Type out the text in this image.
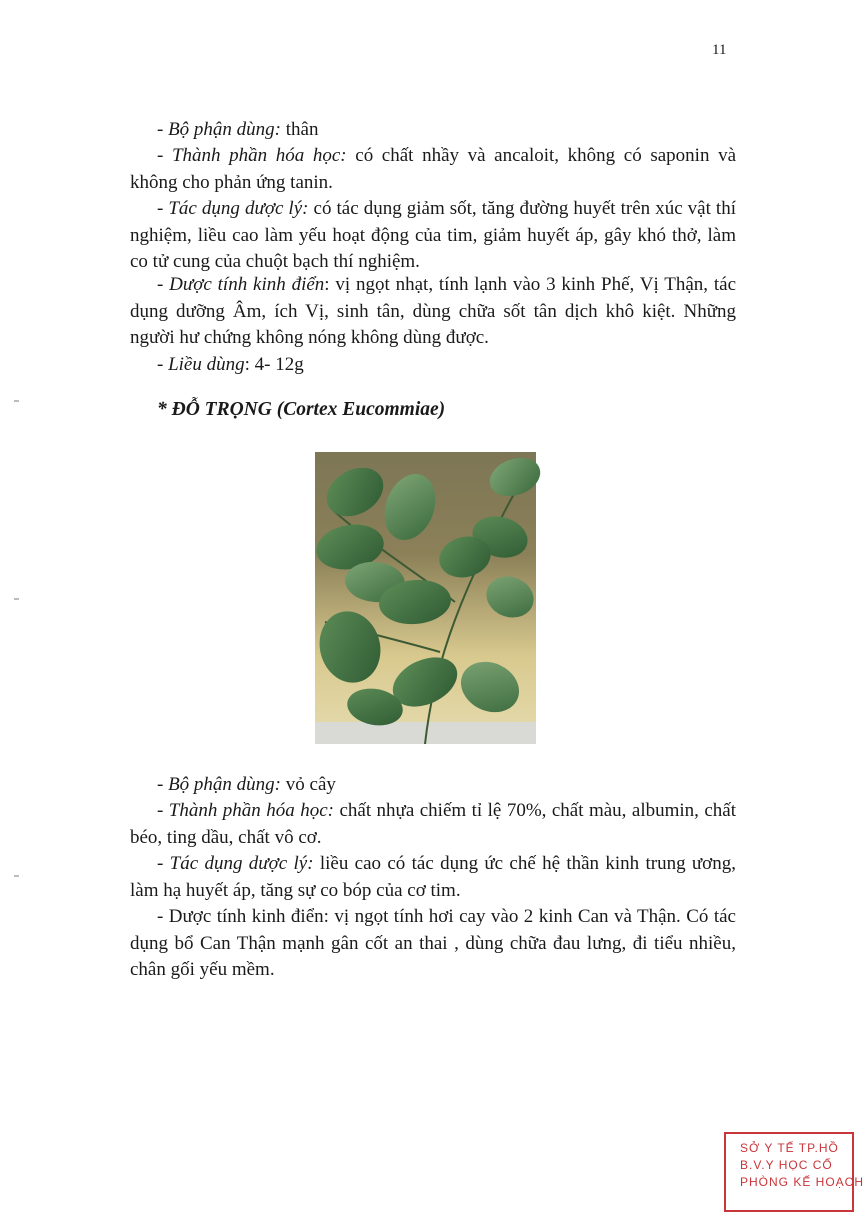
11

- Bộ phận dùng: thân

- Thành phần hóa học: có chất nhầy và ancaloit, không có saponin và không cho phản ứng tanin.

- Tác dụng dược lý: có tác dụng giảm sốt, tăng đường huyết trên xúc vật thí nghiệm, liều cao làm yếu hoạt động của tim, giảm huyết áp, gây khó thở, làm co tử cung của chuột bạch thí nghiệm.

- Dược tính kinh điển: vị ngọt nhạt, tính lạnh vào 3 kinh Phế, Vị Thận, tác dụng dưỡng Âm, ích Vị, sinh tân, dùng chữa sốt tân dịch khô kiệt. Những người hư chứng không nóng không dùng được.

- Liều dùng: 4- 12g

* ĐỖ TRỌNG (Cortex Eucommiae)

- Bộ phận dùng: vỏ cây

- Thành phần hóa học: chất nhựa chiếm tỉ lệ 70%, chất màu, albumin, chất béo, ting dầu, chất vô cơ.

- Tác dụng dược lý: liều cao có tác dụng ức chế hệ thần kinh trung ương, làm hạ huyết áp, tăng sự co bóp của cơ tim.

- Dược tính kinh điển: vị ngọt tính hơi cay vào 2 kinh Can và Thận. Có tác dụng bổ Can Thận mạnh gân cốt an thai , dùng chữa đau lưng, đi tiểu nhiều, chân gối yếu mềm.

SỞ Y TẾ TP.HỒ
B.V.Y HỌC CỔ
PHÒNG KẾ HOẠCH
